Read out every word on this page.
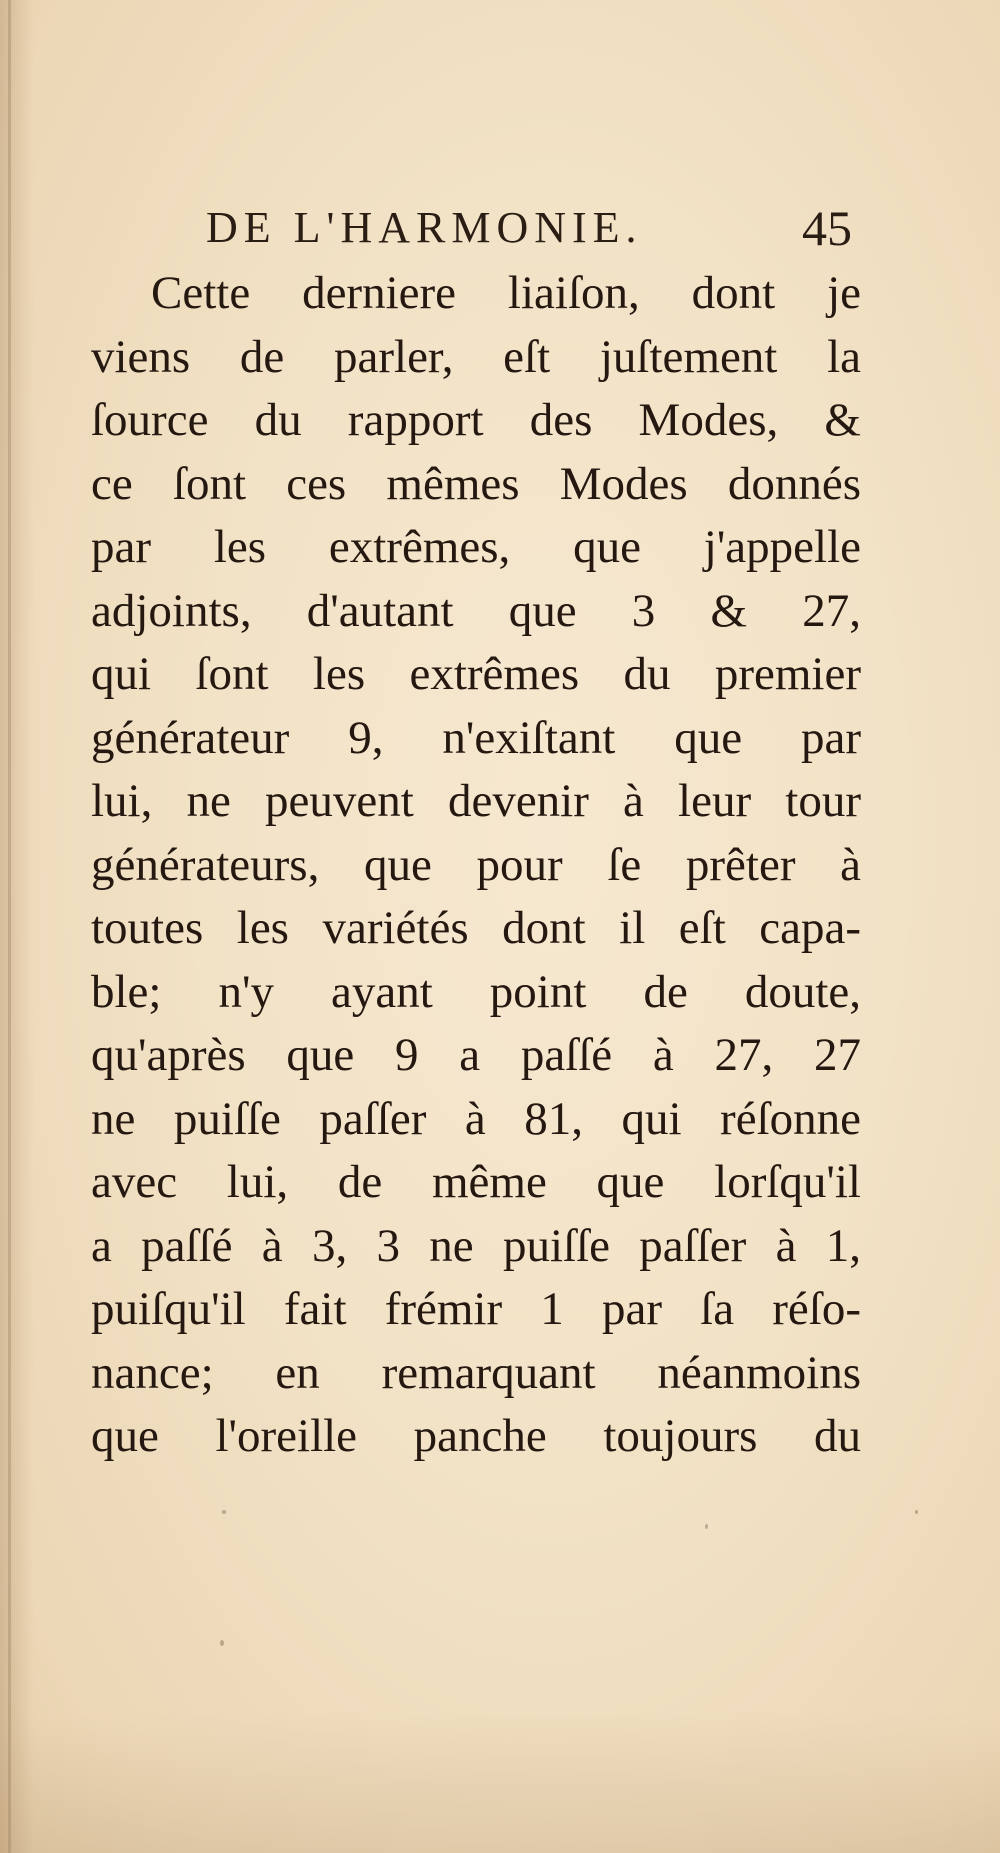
DE L'HARMONIE.	45
Cette derniere liaiſon, dont je
viens de parler, eſt juſtement la
ſource du rapport des Modes, &
ce ſont ces mêmes Modes donnés
par les extrêmes, que j'appelle
adjoints, d'autant que 3 & 27,
qui ſont les extrêmes du premier
générateur 9, n'exiſtant que par
lui, ne peuvent devenir à leur tour
générateurs, que pour ſe prêter à
toutes les variétés dont il eſt capa-
ble; n'y ayant point de doute,
qu'après que 9 a paſſé à 27, 27
ne puiſſe paſſer à 81, qui réſonne
avec lui, de même que lorſqu'il
a paſſé à 3, 3 ne puiſſe paſſer à 1,
puiſqu'il fait frémir 1 par ſa réſo-
nance; en remarquant néanmoins
que l'oreille panche toujours du
